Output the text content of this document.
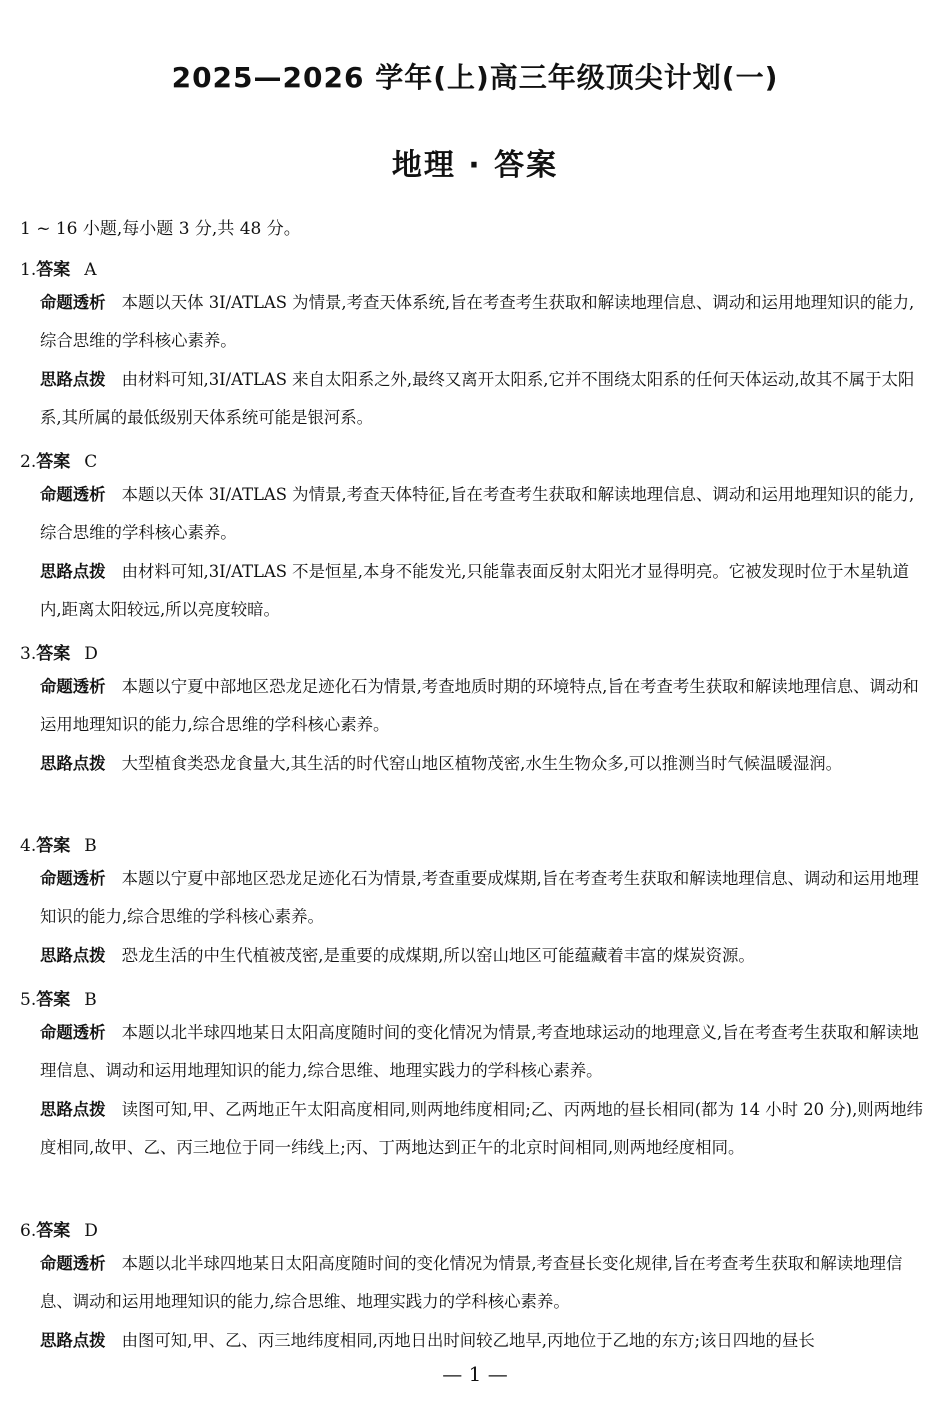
2025—2026 学年(上)高三年级顶尖计划(一)
地理 · 答案
1 ~ 16 小题,每小题 3 分,共 48 分。
1.答案 A
命题透析 本题以天体 3I/ATLAS 为情景,考查天体系统,旨在考查考生获取和解读地理信息、调动和运用地理知识的能力,综合思维的学科核心素养。
思路点拨 由材料可知,3I/ATLAS 来自太阳系之外,最终又离开太阳系,它并不围绕太阳系的任何天体运动,故其不属于太阳系,其所属的最低级别天体系统可能是银河系。
2.答案 C
命题透析 本题以天体 3I/ATLAS 为情景,考查天体特征,旨在考查考生获取和解读地理信息、调动和运用地理知识的能力,综合思维的学科核心素养。
思路点拨 由材料可知,3I/ATLAS 不是恒星,本身不能发光,只能靠表面反射太阳光才显得明亮。它被发现时位于木星轨道内,距离太阳较远,所以亮度较暗。
3.答案 D
命题透析 本题以宁夏中部地区恐龙足迹化石为情景,考查地质时期的环境特点,旨在考查考生获取和解读地理信息、调动和运用地理知识的能力,综合思维的学科核心素养。
思路点拨 大型植食类恐龙食量大,其生活的时代窑山地区植物茂密,水生生物众多,可以推测当时气候温暖湿润。
4.答案 B
命题透析 本题以宁夏中部地区恐龙足迹化石为情景,考查重要成煤期,旨在考查考生获取和解读地理信息、调动和运用地理知识的能力,综合思维的学科核心素养。
思路点拨 恐龙生活的中生代植被茂密,是重要的成煤期,所以窑山地区可能蕴藏着丰富的煤炭资源。
5.答案 B
命题透析 本题以北半球四地某日太阳高度随时间的变化情况为情景,考查地球运动的地理意义,旨在考查考生获取和解读地理信息、调动和运用地理知识的能力,综合思维、地理实践力的学科核心素养。
思路点拨 读图可知,甲、乙两地正午太阳高度相同,则两地纬度相同;乙、丙两地的昼长相同(都为 14 小时 20 分),则两地纬度相同,故甲、乙、丙三地位于同一纬线上;丙、丁两地达到正午的北京时间相同,则两地经度相同。
6.答案 D
命题透析 本题以北半球四地某日太阳高度随时间的变化情况为情景,考查昼长变化规律,旨在考查考生获取和解读地理信息、调动和运用地理知识的能力,综合思维、地理实践力的学科核心素养。
思路点拨 由图可知,甲、乙、丙三地纬度相同,丙地日出时间较乙地早,丙地位于乙地的东方;该日四地的昼长
— 1 —
